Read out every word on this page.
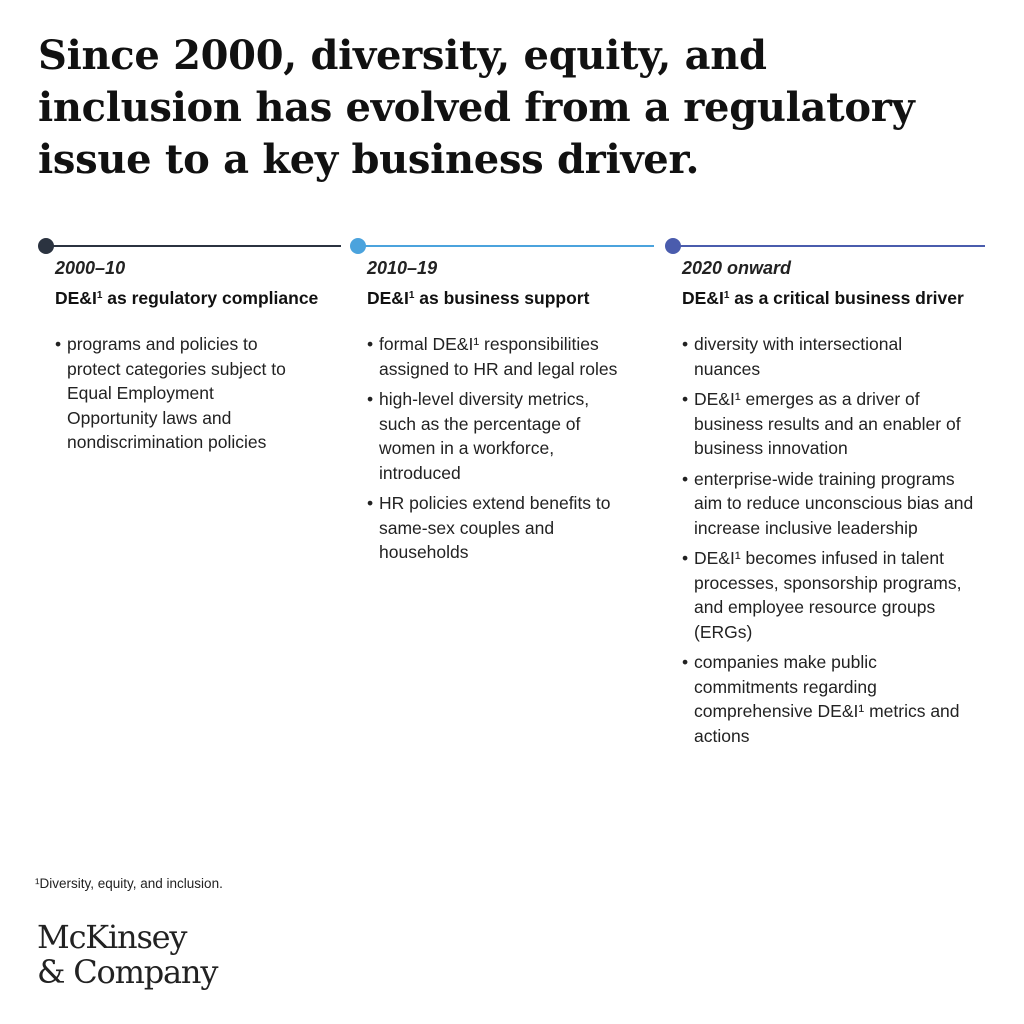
Since 2000, diversity, equity, and inclusion has evolved from a regulatory issue to a key business driver.

2000–10

$DE\&I^1$ as regulatory compliance

• programs and policies to protect categories subject to Equal Employment Opportunity laws and nondiscrimination policies

2010–19

$DE\&I^1$ as business support

• formal DE&I¹ responsibilities assigned to HR and legal roles
• high-level diversity metrics, such as the percentage of women in a workforce, introduced
• HR policies extend benefits to same-sex couples and households

2020 onward

$DE\&I^1$ as a critical business driver

• diversity with intersectional nuances
• DE&I¹ emerges as a driver of business results and an enabler of business innovation
• enterprise-wide training programs aim to reduce unconscious bias and increase inclusive leadership
• DE&I¹ becomes infused in talent processes, sponsorship programs, and employee resource groups (ERGs)
• companies make public commitments regarding comprehensive DE&I¹ metrics and actions

¹Diversity, equity, and inclusion.

McKinsey
& Company
